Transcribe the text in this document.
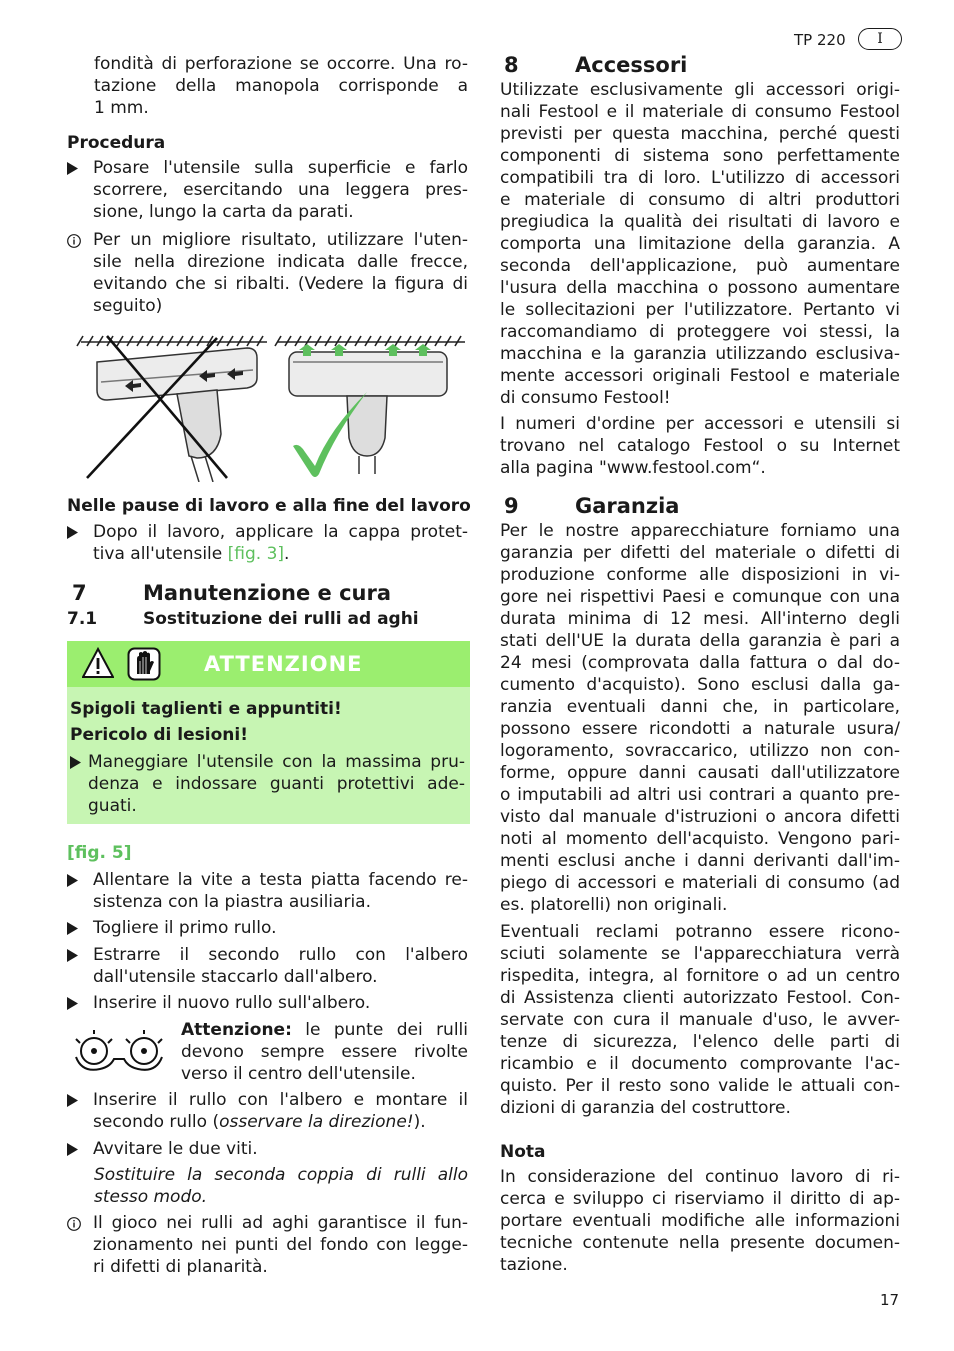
TP 220	I
fondità di perforazione se occorre. Una ro-
tazione della manopola corrisponde a
1 mm.
Procedura
Posare l'utensile sulla superficie e farlo
scorrere, esercitando una leggera pres-
sione, lungo la carta da parati.
Per un migliore risultato, utilizzare l'uten-
sile nella direzione indicata dalle frecce,
evitando che si ribalti. (Vedere la figura di
seguito)
Nelle pause di lavoro e alla fine del lavoro
Dopo il lavoro, applicare la cappa protet-
tiva all'utensile [fig. 3].
7	Manutenzione e cura
7.1	Sostituzione dei rulli ad aghi
ATTENZIONE
Spigoli taglienti e appuntiti!
Pericolo di lesioni!
Maneggiare l'utensile con la massima pru-
denza e indossare guanti protettivi ade-
guati.
[fig. 5]
Allentare la vite a testa piatta facendo re-
sistenza con la piastra ausiliaria.
Togliere il primo rullo.
Estrarre il secondo rullo con l'albero
dall'utensile staccarlo dall'albero.
Inserire il nuovo rullo sull'albero.
Attenzione: le punte dei rulli
devono sempre essere rivolte
verso il centro dell'utensile.
Inserire il rullo con l'albero e montare il
secondo rullo (osservare la direzione!).
Avvitare le due viti.
Sostituire la seconda coppia di rulli allo
stesso modo.
Il gioco nei rulli ad aghi garantisce il fun-
zionamento nei punti del fondo con legge-
ri difetti di planarità.
8	Accessori
Utilizzate esclusivamente gli accessori origi-
nali Festool e il materiale di consumo Festool
previsti per questa macchina, perché questi
componenti di sistema sono perfettamente
compatibili tra di loro. L'utilizzo di accessori
e materiale di consumo di altri produttori
pregiudica la qualità dei risultati di lavoro e
comporta una limitazione della garanzia. A
seconda dell'applicazione, può aumentare
l'usura della macchina o possono aumentare
le sollecitazioni per l'utilizzatore. Pertanto vi
raccomandiamo di proteggere voi stessi, la
macchina e la garanzia utilizzando esclusiva-
mente accessori originali Festool e materiale
di consumo Festool!
I numeri d'ordine per accessori e utensili si
trovano nel catalogo Festool o su Internet
alla pagina "www.festool.com“.
9	Garanzia
Per le nostre apparecchiature forniamo una
garanzia per difetti del materiale o difetti di
produzione conforme alle disposizioni in vi-
gore nei rispettivi Paesi e comunque con una
durata minima di 12 mesi. All'interno degli
stati dell'UE la durata della garanzia è pari a
24 mesi (comprovata dalla fattura o dal do-
cumento d'acquisto). Sono esclusi dalla ga-
ranzia eventuali danni che, in particolare,
possono essere ricondotti a naturale usura/
logoramento, sovraccarico, utilizzo non con-
forme, oppure danni causati dall'utilizzatore
o imputabili ad altri usi contrari a quanto pre-
visto dal manuale d'istruzioni o ancora difetti
noti al momento dell'acquisto. Vengono pari-
menti esclusi anche i danni derivanti dall'im-
piego di accessori e materiali di consumo (ad
es. platorelli) non originali.
Eventuali reclami potranno essere ricono-
sciuti solamente se l'apparecchiatura verrà
rispedita, integra, al fornitore o ad un centro
di Assistenza clienti autorizzato Festool. Con-
servate con cura il manuale d'uso, le avver-
tenze di sicurezza, l'elenco delle parti di
ricambio e il documento comprovante l'ac-
quisto. Per il resto sono valide le attuali con-
dizioni di garanzia del costruttore.
Nota
In considerazione del continuo lavoro di ri-
cerca e sviluppo ci riserviamo il diritto di ap-
portare eventuali modifiche alle informazioni
tecniche contenute nella presente documen-
tazione.
17
